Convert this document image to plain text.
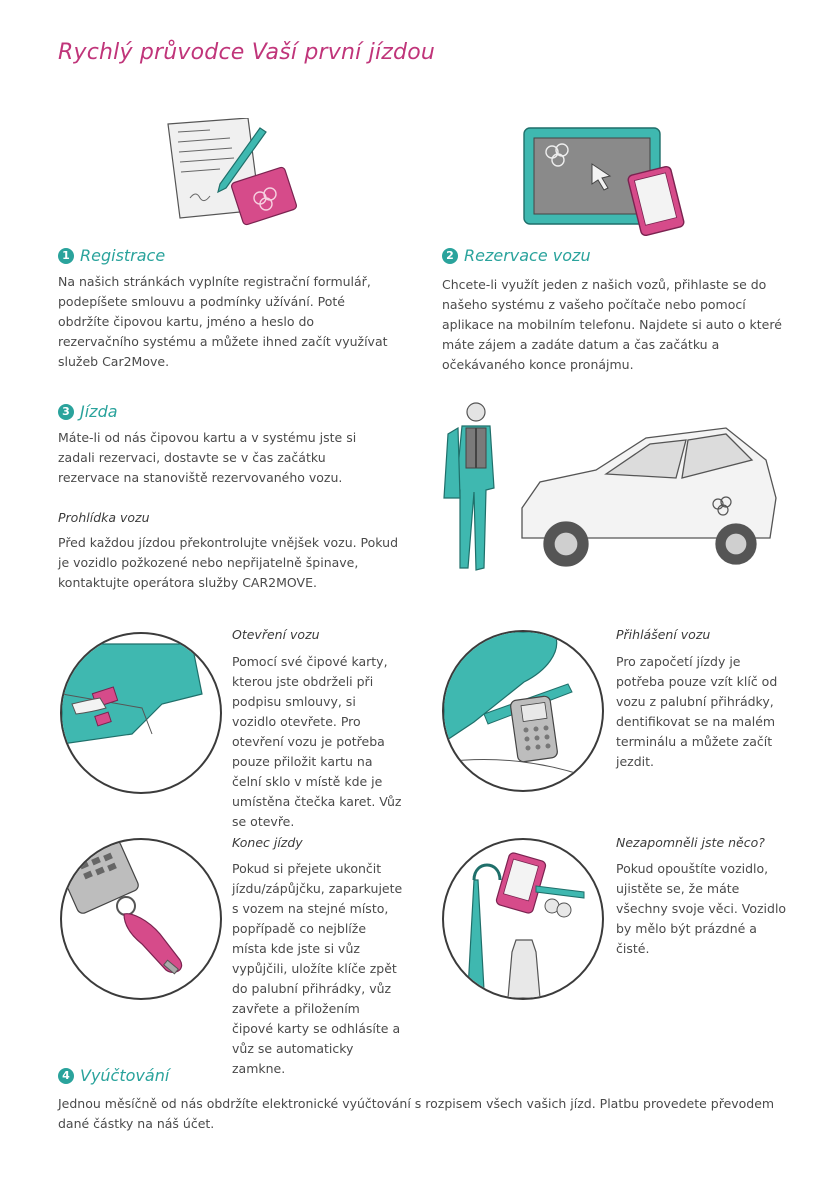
Rychlý průvodce Vaší první jízdou
1 Registrace
Na našich stránkách vyplníte registrační formulář, podepíšete smlouvu a podmínky užívání. Poté obdržíte čipovou kartu, jméno a heslo do rezervačního systému a můžete ihned začít využívat služeb Car2Move.
2 Rezervace vozu
Chcete-li využít jeden z našich vozů, přihlaste se do našeho systému z vašeho počítače nebo pomocí aplikace na mobilním telefonu. Najdete si auto o které máte zájem a zadáte datum a čas začátku a očekávaného konce pronájmu.
3 Jízda
Máte-li od nás čipovou kartu a v systému jste si zadali rezervaci, dostavte se v čas začátku rezervace na stanoviště rezervovaného vozu.
Prohlídka vozu
Před každou jízdou překontrolujte vnějšek vozu. Pokud je vozidlo požkozené nebo nepřijatelně špinave, kontaktujte operátora služby CAR2MOVE.
Otevření vozu
Pomocí své čipové karty, kterou jste obdrželi při podpisu smlouvy, si vozidlo otevřete. Pro otevření vozu je potřeba pouze přiložit kartu na čelní sklo v místě kde je umístěna čtečka karet. Vůz se otevře.
Přihlášení vozu
Pro započetí jízdy je potřeba pouze vzít klíč od vozu z palubní přihrádky, dentifikovat se na malém terminálu a můžete začít jezdit.
Konec jízdy
Pokud si přejete ukončit jízdu/zápůjčku, zaparkujete s vozem na stejné místo, popřípadě co nejblíže místa kde jste si vůz vypůjčili, uložíte klíče zpět do palubní přihrádky, vůz zavřete a přiložením čipové karty se odhlásíte a vůz se automaticky zamkne.
Nezapomněli jste něco?
Pokud opouštíte vozidlo, ujistěte se, že máte všechny svoje věci. Vozidlo by mělo být prázdné a čisté.
4 Vyúčtování
Jednou měsíčně od nás obdržíte elektronické vyúčtování s rozpisem všech vašich jízd. Platbu provedete převodem dané částky na náš účet.
